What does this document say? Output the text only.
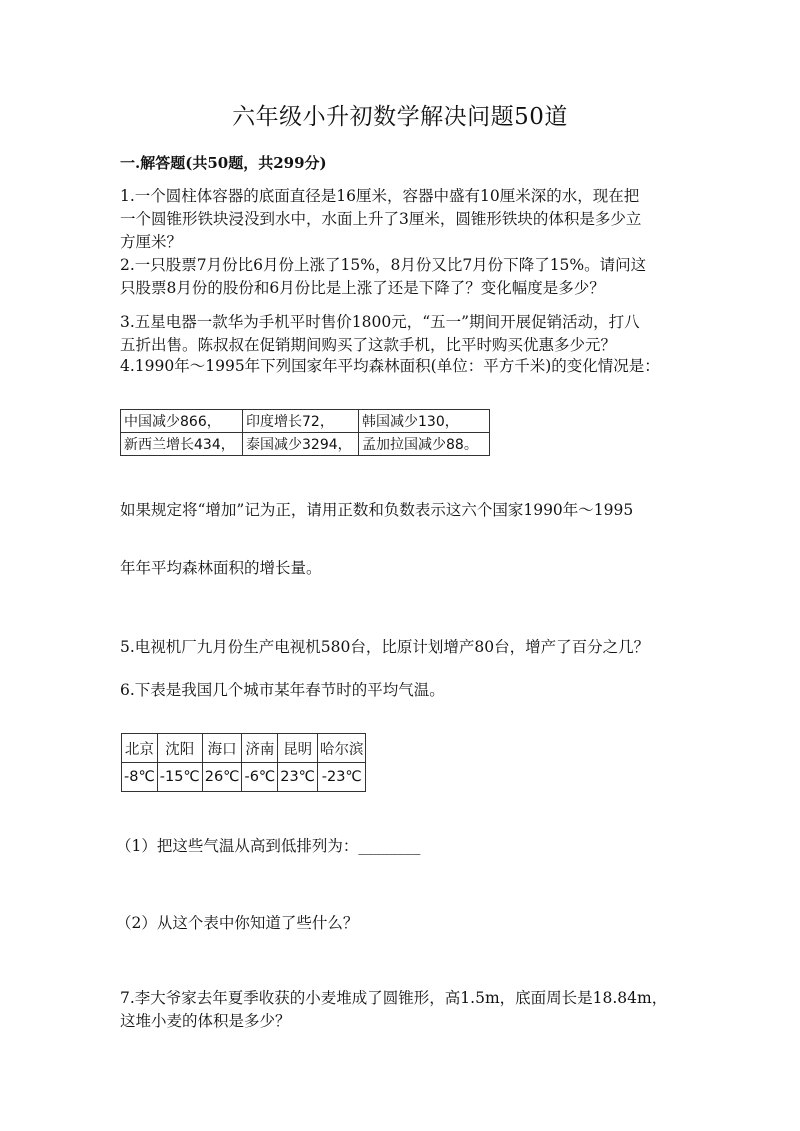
六年级小升初数学解决问题50道
一.解答题(共50题，共299分)
1.一个圆柱体容器的底面直径是16厘米，容器中盛有10厘米深的水，现在把
一个圆锥形铁块浸没到水中，水面上升了3厘米，圆锥形铁块的体积是多少立
方厘米？
2.一只股票7月份比6月份上涨了15%，8月份又比7月份下降了15%。请问这
只股票8月份的股份和6月份比是上涨了还是下降了？变化幅度是多少？
3.五星电器一款华为手机平时售价1800元，“五一”期间开展促销活动，打八
五折出售。陈叔叔在促销期间购买了这款手机，比平时购买优惠多少元？
4.1990年～1995年下列国家年平均森林面积(单位：平方千米)的变化情况是：
中国减少866，	印度增长72，	韩国减少130，
新西兰增长434，	泰国减少3294，	孟加拉国减少88。
如果规定将“增加”记为正，请用正数和负数表示这六个国家1990年～1995
年年平均森林面积的增长量。
5.电视机厂九月份生产电视机580台，比原计划增产80台，增产了百分之几？
6.下表是我国几个城市某年春节时的平均气温。
北京	沈阳	海口	济南	昆明	哈尔滨
-8℃	-15℃	26℃	-6℃	23℃	-23℃
（1）把这些气温从高到低排列为：________
（2）从这个表中你知道了些什么？
7.李大爷家去年夏季收获的小麦堆成了圆锥形，高1.5m，底面周长是18.84m，
这堆小麦的体积是多少？
